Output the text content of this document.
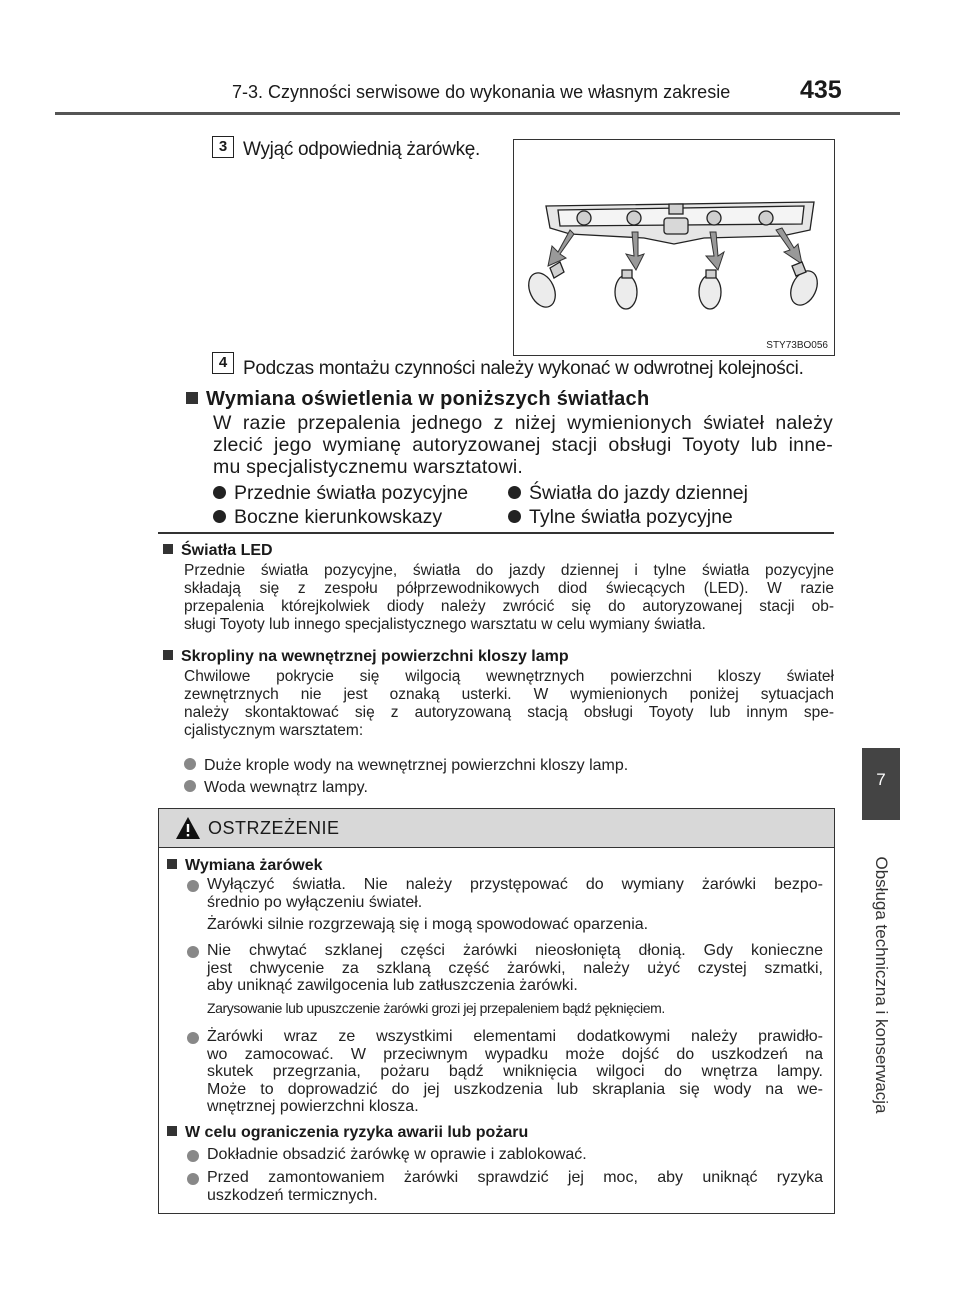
7-3. Czynności serwisowe do wykonania we własnym zakresie	435
7
Obsługa techniczna i konserwacja
3 Wyjąć odpowiednią żarówkę.
STY73BO056
4 Podczas montażu czynności należy wykonać w odwrotnej kolejności.
Wymiana oświetlenia w poniższych światłach
W razie przepalenia jednego z niżej wymienionych świateł należy
zlecić jego wymianę autoryzowanej stacji obsługi Toyoty lub inne-
mu specjalistycznemu warsztatowi.
Przednie światła pozycyjne	Światła do jazdy dziennej
Boczne kierunkowskazy	Tylne światła pozycyjne
Światła LED
Przednie światła pozycyjne, światła do jazdy dziennej i tylne światła pozycyjne
składają się z zespołu półprzewodnikowych diod świecących (LED). W razie
przepalenia którejkolwiek diody należy zwrócić się do autoryzowanej stacji ob-
sługi Toyoty lub innego specjalistycznego warsztatu w celu wymiany światła.
Skropliny na wewnętrznej powierzchni kloszy lamp
Chwilowe pokrycie się wilgocią wewnętrznych powierzchni kloszy świateł
zewnętrznych nie jest oznaką usterki. W wymienionych poniżej sytuacjach
należy skontaktować się z autoryzowaną stacją obsługi Toyoty lub innym spe-
cjalistycznym warsztatem:
Duże krople wody na wewnętrznej powierzchni kloszy lamp.
Woda wewnątrz lampy.
OSTRZEŻENIE
Wymiana żarówek
Wyłączyć światła. Nie należy przystępować do wymiany żarówki bezpo-
średnio po wyłączeniu świateł.
Żarówki silnie rozgrzewają się i mogą spowodować oparzenia.
Nie chwytać szklanej części żarówki nieosłoniętą dłonią. Gdy konieczne
jest chwycenie za szklaną część żarówki, należy użyć czystej szmatki,
aby uniknąć zawilgocenia lub zatłuszczenia żarówki.
Zarysowanie lub upuszczenie żarówki grozi jej przepaleniem bądź pęknięciem.
Żarówki wraz ze wszystkimi elementami dodatkowymi należy prawidło-
wo zamocować. W przeciwnym wypadku może dojść do uszkodzeń na
skutek przegrzania, pożaru bądź wniknięcia wilgoci do wnętrza lampy.
Może to doprowadzić do jej uszkodzenia lub skraplania się wody na we-
wnętrznej powierzchni klosza.
W celu ograniczenia ryzyka awarii lub pożaru
Dokładnie obsadzić żarówkę w oprawie i zablokować.
Przed zamontowaniem żarówki sprawdzić jej moc, aby uniknąć ryzyka
uszkodzeń termicznych.
